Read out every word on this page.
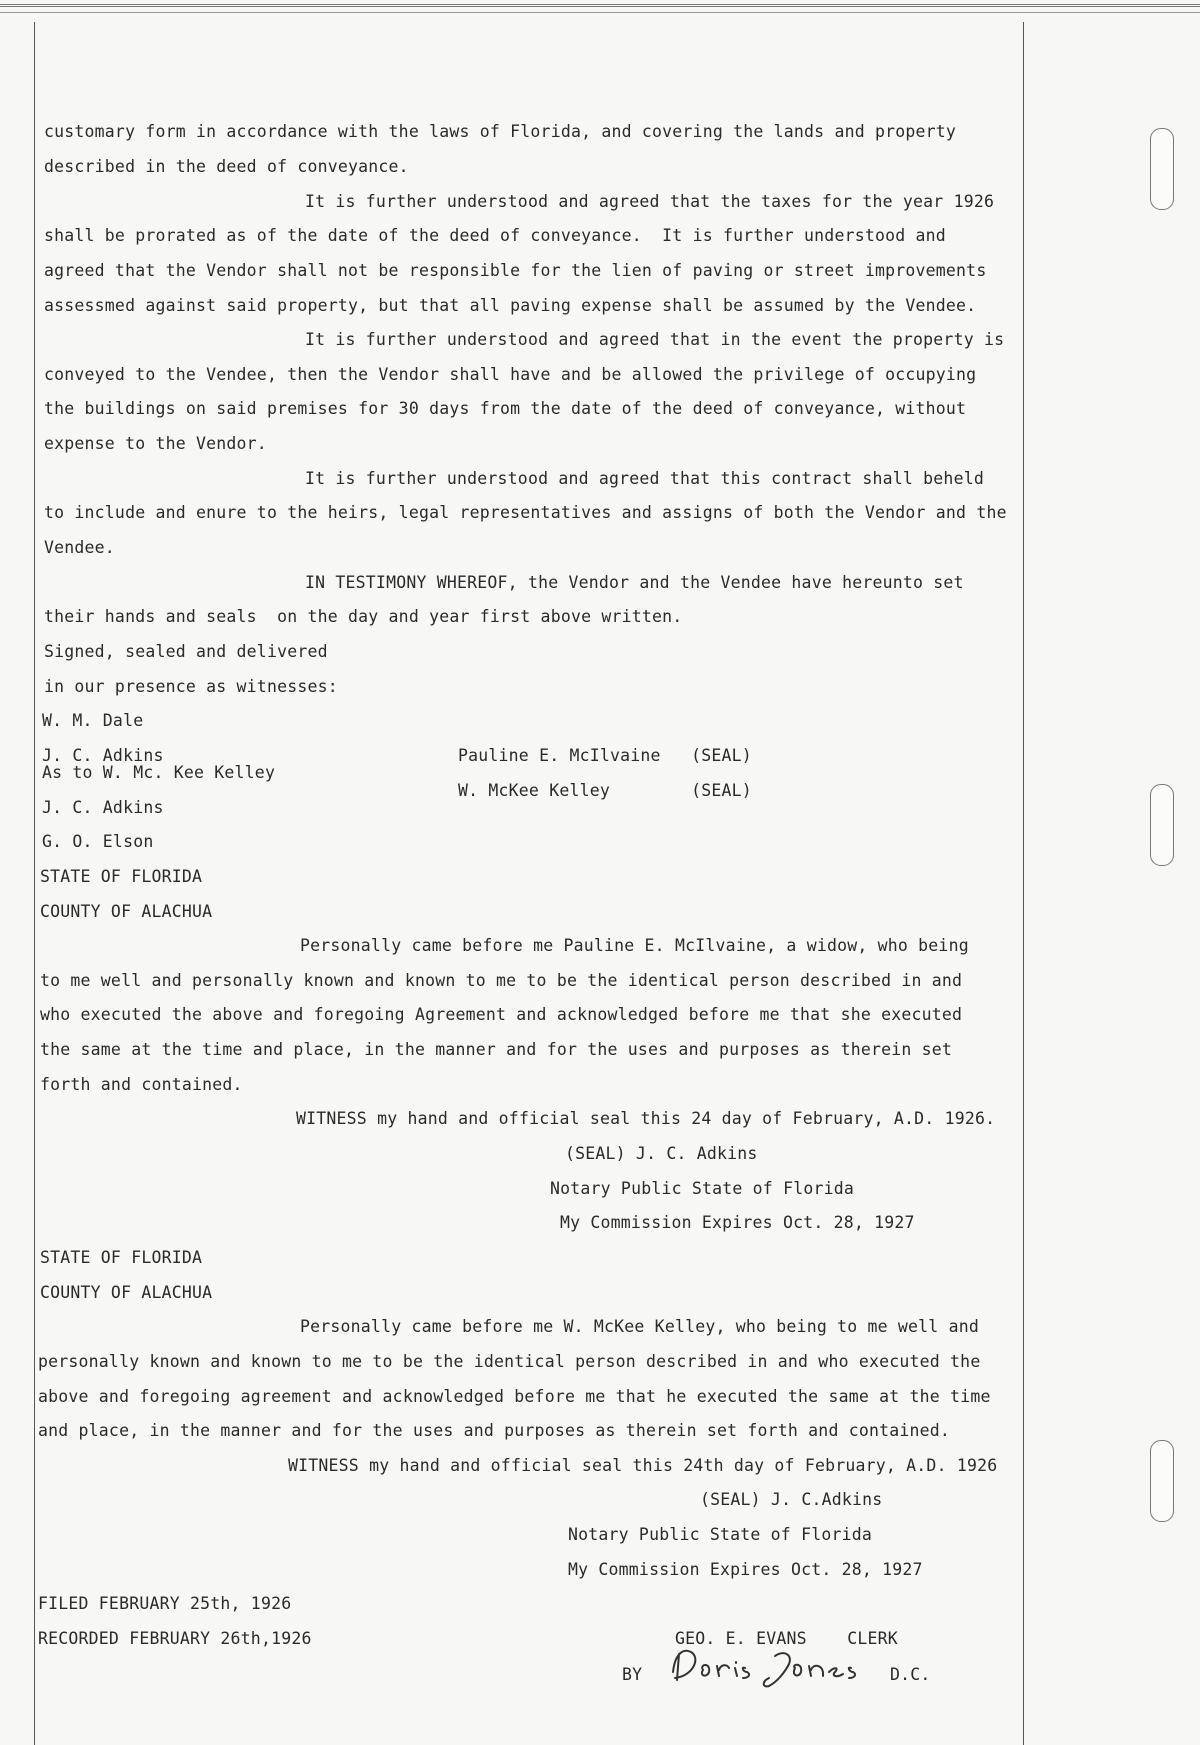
customary form in accordance with the laws of Florida, and covering the lands and property
described in the deed of conveyance.
It is further understood and agreed that the taxes for the year 1926
shall be prorated as of the date of the deed of conveyance.  It is further understood and
agreed that the Vendor shall not be responsible for the lien of paving or street improvements
assessmed against said property, but that all paving expense shall be assumed by the Vendee.
It is further understood and agreed that in the event the property is
conveyed to the Vendee, then the Vendor shall have and be allowed the privilege of occupying
the buildings on said premises for 30 days from the date of the deed of conveyance, without
expense to the Vendor.
It is further understood and agreed that this contract shall beheld
to include and enure to the heirs, legal representatives and assigns of both the Vendor and the
Vendee.
IN TESTIMONY WHEREOF, the Vendor and the Vendee have hereunto set
their hands and seals  on the day and year first above written.
Signed, sealed and delivered
in our presence as witnesses:
W. M. Dale
J. C. Adkins
As to W. Mc. Kee Kelley
Pauline E. McIlvaine   (SEAL)
W. McKee Kelley        (SEAL)
J. C. Adkins
G. O. Elson
STATE OF FLORIDA
COUNTY OF ALACHUA
Personally came before me Pauline E. McIlvaine, a widow, who being
to me well and personally known and known to me to be the identical person described in and
who executed the above and foregoing Agreement and acknowledged before me that she executed
the same at the time and place, in the manner and for the uses and purposes as therein set
forth and contained.
WITNESS my hand and official seal this 24 day of February, A.D. 1926.
(SEAL) J. C. Adkins
Notary Public State of Florida
My Commission Expires Oct. 28, 1927
STATE OF FLORIDA
COUNTY OF ALACHUA
Personally came before me W. McKee Kelley, who being to me well and
personally known and known to me to be the identical person described in and who executed the
above and foregoing agreement and acknowledged before me that he executed the same at the time
and place, in the manner and for the uses and purposes as therein set forth and contained.
WITNESS my hand and official seal this 24th day of February, A.D. 1926
(SEAL) J. C.Adkins
Notary Public State of Florida
My Commission Expires Oct. 28, 1927
FILED FEBRUARY 25th, 1926
RECORDED FEBRUARY 26th,1926	GEO. E. EVANS    CLERK
BY	D.C.
